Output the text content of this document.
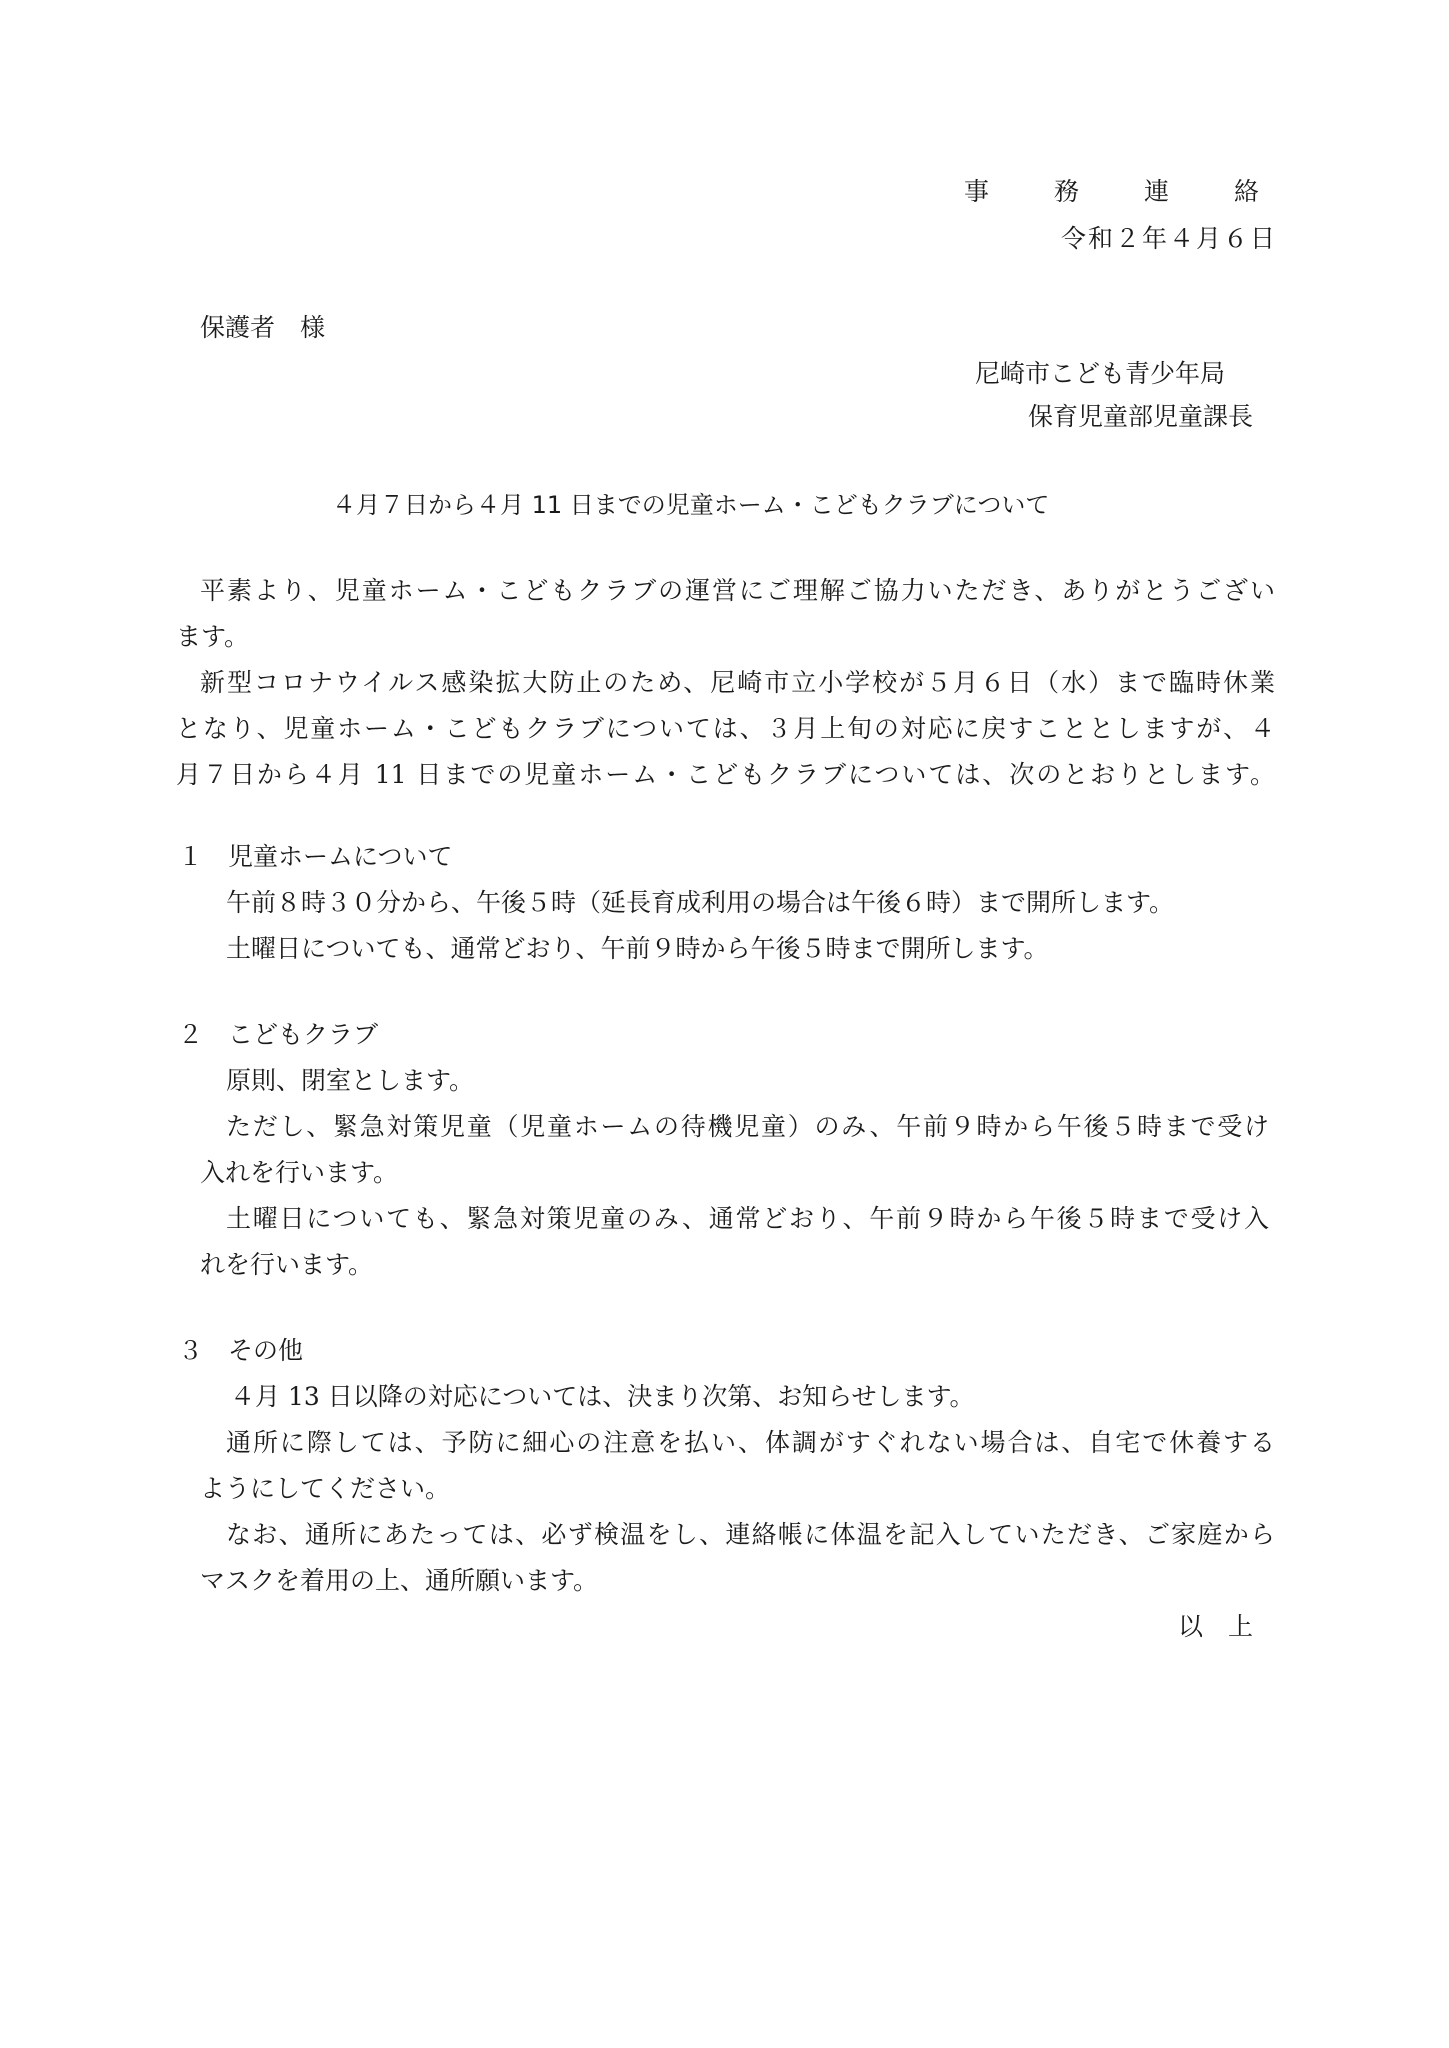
事　務　連　絡
令和２年４月６日
保護者　様
尼崎市こども青少年局
保育児童部児童課長
４月７日から４月 11 日までの児童ホーム・こどもクラブについて
平素より、児童ホーム・こどもクラブの運営にご理解ご協力いただき、ありがとうござい
ます。
新型コロナウイルス感染拡大防止のため、尼崎市立小学校が５月６日（水）まで臨時休業
となり、児童ホーム・こどもクラブについては、３月上旬の対応に戻すこととしますが、４
月７日から４月 11 日までの児童ホーム・こどもクラブについては、次のとおりとします。
１　児童ホームについて
午前８時３０分から、午後５時（延長育成利用の場合は午後６時）まで開所します。
土曜日についても、通常どおり、午前９時から午後５時まで開所します。
２　こどもクラブ
原則、閉室とします。
ただし、緊急対策児童（児童ホームの待機児童）のみ、午前９時から午後５時まで受け
入れを行います。
土曜日についても、緊急対策児童のみ、通常どおり、午前９時から午後５時まで受け入
れを行います。
３　その他
４月 13 日以降の対応については、決まり次第、お知らせします。
通所に際しては、予防に細心の注意を払い、体調がすぐれない場合は、自宅で休養する
ようにしてください。
なお、通所にあたっては、必ず検温をし、連絡帳に体温を記入していただき、ご家庭から
マスクを着用の上、通所願います。
以　上
